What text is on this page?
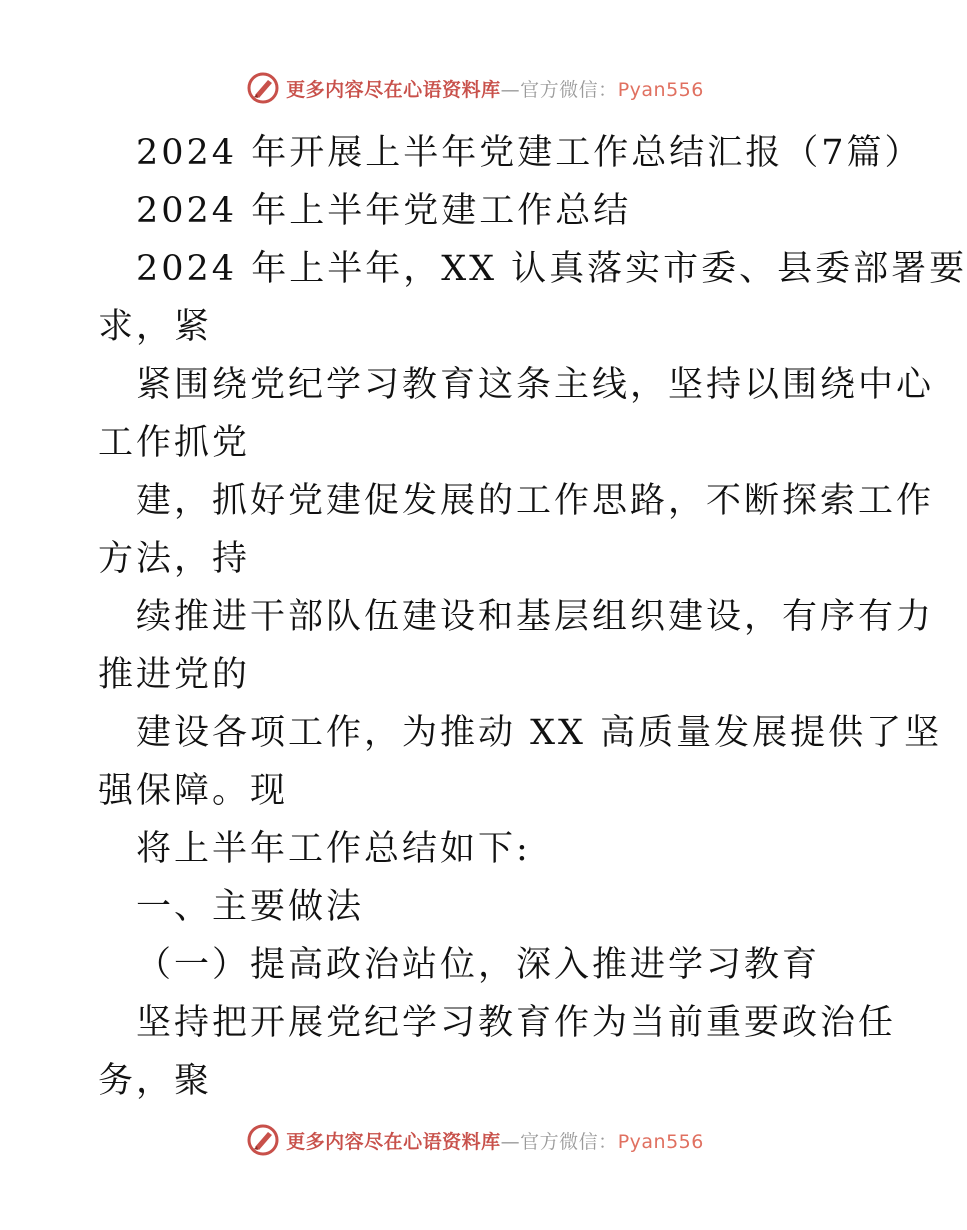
更多内容尽在心语资料库—官方微信：Pyan556
2024 年开展上半年党建工作总结汇报（7篇）
2024 年上半年党建工作总结
2024 年上半年，XX 认真落实市委、县委部署要
求，紧
紧围绕党纪学习教育这条主线，坚持以围绕中心
工作抓党
建，抓好党建促发展的工作思路，不断探索工作
方法，持
续推进干部队伍建设和基层组织建设，有序有力
推进党的
建设各项工作，为推动 XX 高质量发展提供了坚
强保障。现
将上半年工作总结如下:
一、主要做法
（一）提高政治站位，深入推进学习教育
坚持把开展党纪学习教育作为当前重要政治任
务，聚
更多内容尽在心语资料库—官方微信：Pyan556
